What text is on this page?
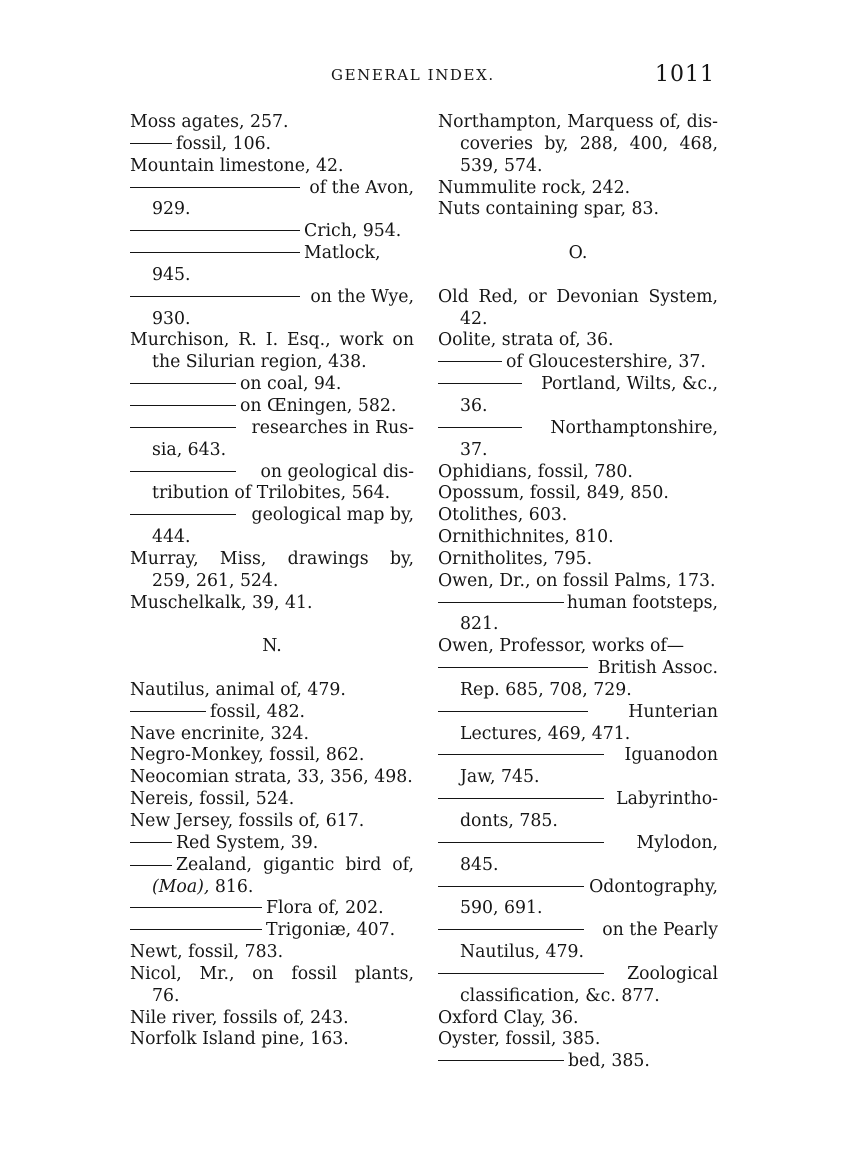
GENERAL INDEX.	1011
Moss agates, 257.
fossil, 106.
Mountain limestone, 42.
of the Avon,
929.
Crich, 954.
Matlock,
945.
on the Wye,
930.
Murchison, R. I. Esq., work on
the Silurian region, 438.
on coal, 94.
on Œningen, 582.
researches in Rus-
sia, 643.
on geological dis-
tribution of Trilobites, 564.
geological map by,
444.
Murray, Miss, drawings by,
259, 261, 524.
Muschelkalk, 39, 41.
N.
Nautilus, animal of, 479.
fossil, 482.
Nave encrinite, 324.
Negro-Monkey, fossil, 862.
Neocomian strata, 33, 356, 498.
Nereis, fossil, 524.
New Jersey, fossils of, 617.
Red System, 39.
Zealand, gigantic bird of,
(Moa), 816.
Flora of, 202.
Trigoniæ, 407.
Newt, fossil, 783.
Nicol, Mr., on fossil plants,
76.
Nile river, fossils of, 243.
Norfolk Island pine, 163.
Northampton, Marquess of, dis-
coveries by, 288, 400, 468,
539, 574.
Nummulite rock, 242.
Nuts containing spar, 83.
O.
Old Red, or Devonian System,
42.
Oolite, strata of, 36.
of Gloucestershire, 37.
Portland, Wilts, &c.,
36.
Northamptonshire,
37.
Ophidians, fossil, 780.
Opossum, fossil, 849, 850.
Otolithes, 603.
Ornithichnites, 810.
Ornitholites, 795.
Owen, Dr., on fossil Palms, 173.
human footsteps,
821.
Owen, Professor, works of—
British Assoc.
Rep. 685, 708, 729.
Hunterian
Lectures, 469, 471.
Iguanodon
Jaw, 745.
Labyrintho-
donts, 785.
Mylodon,
845.
Odontography,
590, 691.
on the Pearly
Nautilus, 479.
Zoological
classification, &c. 877.
Oxford Clay, 36.
Oyster, fossil, 385.
bed, 385.
